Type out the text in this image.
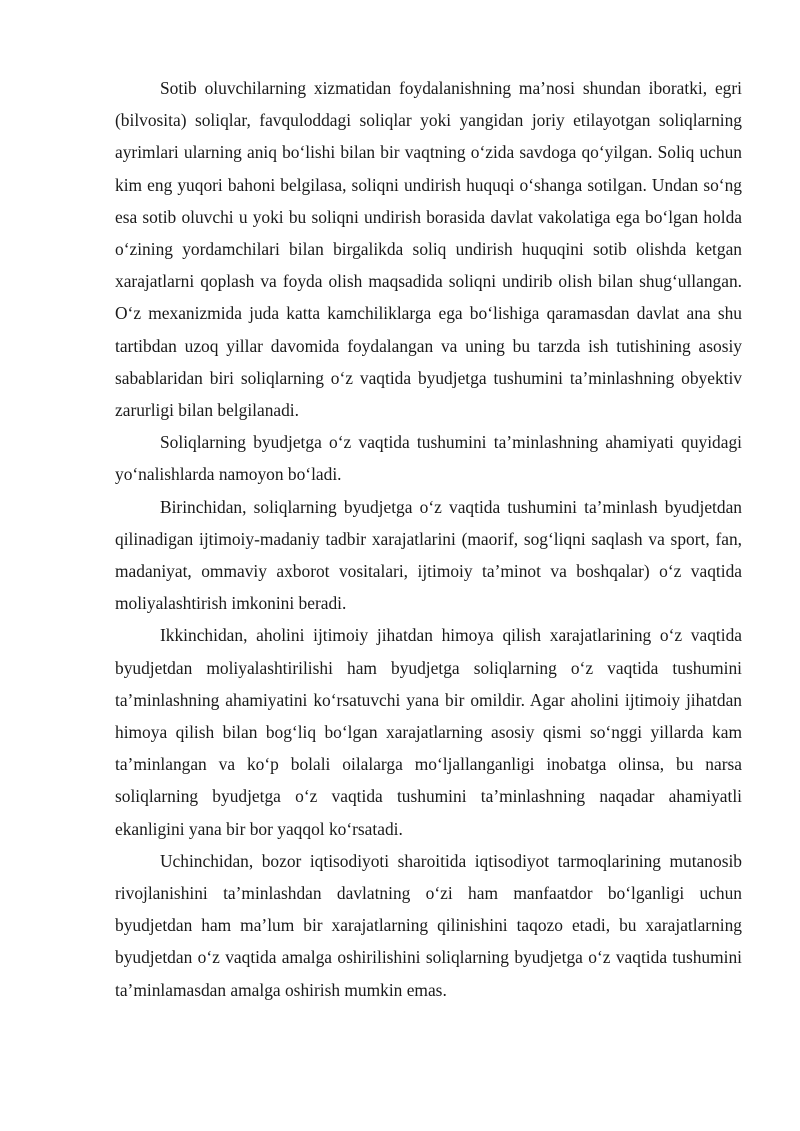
Sotib oluvchilarning xizmatidan foydalanishning ma’nosi shundan iboratki, egri (bilvosita) soliqlar, favquloddagi soliqlar yoki yangidan joriy etilayotgan soliqlarning ayrimlari ularning aniq bo‘lishi bilan bir vaqtning o‘zida savdoga qo‘yilgan. Soliq uchun kim eng yuqori bahoni belgilasa, soliqni undirish huquqi o‘shanga sotilgan. Undan so‘ng esa sotib oluvchi u yoki bu soliqni undirish borasida davlat vakolatiga ega bo‘lgan holda o‘zining yordamchilari bilan birgalikda soliq undirish huquqini sotib olishda ketgan xarajatlarni qoplash va foyda olish maqsadida soliqni undirib olish bilan shug‘ullangan. O‘z mexanizmida juda katta kamchiliklarga ega bo‘lishiga qaramasdan davlat ana shu tartibdan uzoq yillar davomida foydalangan va uning bu tarzda ish tutishining asosiy sabablaridan biri soliqlarning o‘z vaqtida byudjetga tushumini ta’minlashning obyektiv zarurligi bilan belgilanadi.

Soliqlarning byudjetga o‘z vaqtida tushumini ta’minlashning ahamiyati quyidagi yo‘nalishlarda namoyon bo‘ladi.

Birinchidan, soliqlarning byudjetga o‘z vaqtida tushumini ta’minlash byudjetdan qilinadigan ijtimoiy-madaniy tadbir xarajatlarini (maorif, sog‘liqni saqlash va sport, fan, madaniyat, ommaviy axborot vositalari, ijtimoiy ta’minot va boshqalar) o‘z vaqtida moliyalashtirish imkonini beradi.

Ikkinchidan, aholini ijtimoiy jihatdan himoya qilish xarajatlarining o‘z vaqtida byudjetdan moliyalashtirilishi ham byudjetga soliqlarning o‘z vaqtida tushumini ta’minlashning ahamiyatini ko‘rsatuvchi yana bir omildir. Agar aholini ijtimoiy jihatdan himoya qilish bilan bog‘liq bo‘lgan xarajatlarning asosiy qismi so‘nggi yillarda kam ta’minlangan va ko‘p bolali oilalarga mo‘ljallanganligi inobatga olinsa, bu narsa soliqlarning byudjetga o‘z vaqtida tushumini ta’minlashning naqadar ahamiyatli ekanligini yana bir bor yaqqol ko‘rsatadi.

Uchinchidan, bozor iqtisodiyoti sharoitida iqtisodiyot tarmoqlarining mutanosib rivojlanishini ta’minlashdan davlatning o‘zi ham manfaatdor bo‘lganligi uchun byudjetdan ham ma’lum bir xarajatlarning qilinishini taqozo etadi, bu xarajatlarning byudjetdan o‘z vaqtida amalga oshirilishini soliqlarning byudjetga o‘z vaqtida tushumini ta’minlamasdan amalga oshirish mumkin emas.
